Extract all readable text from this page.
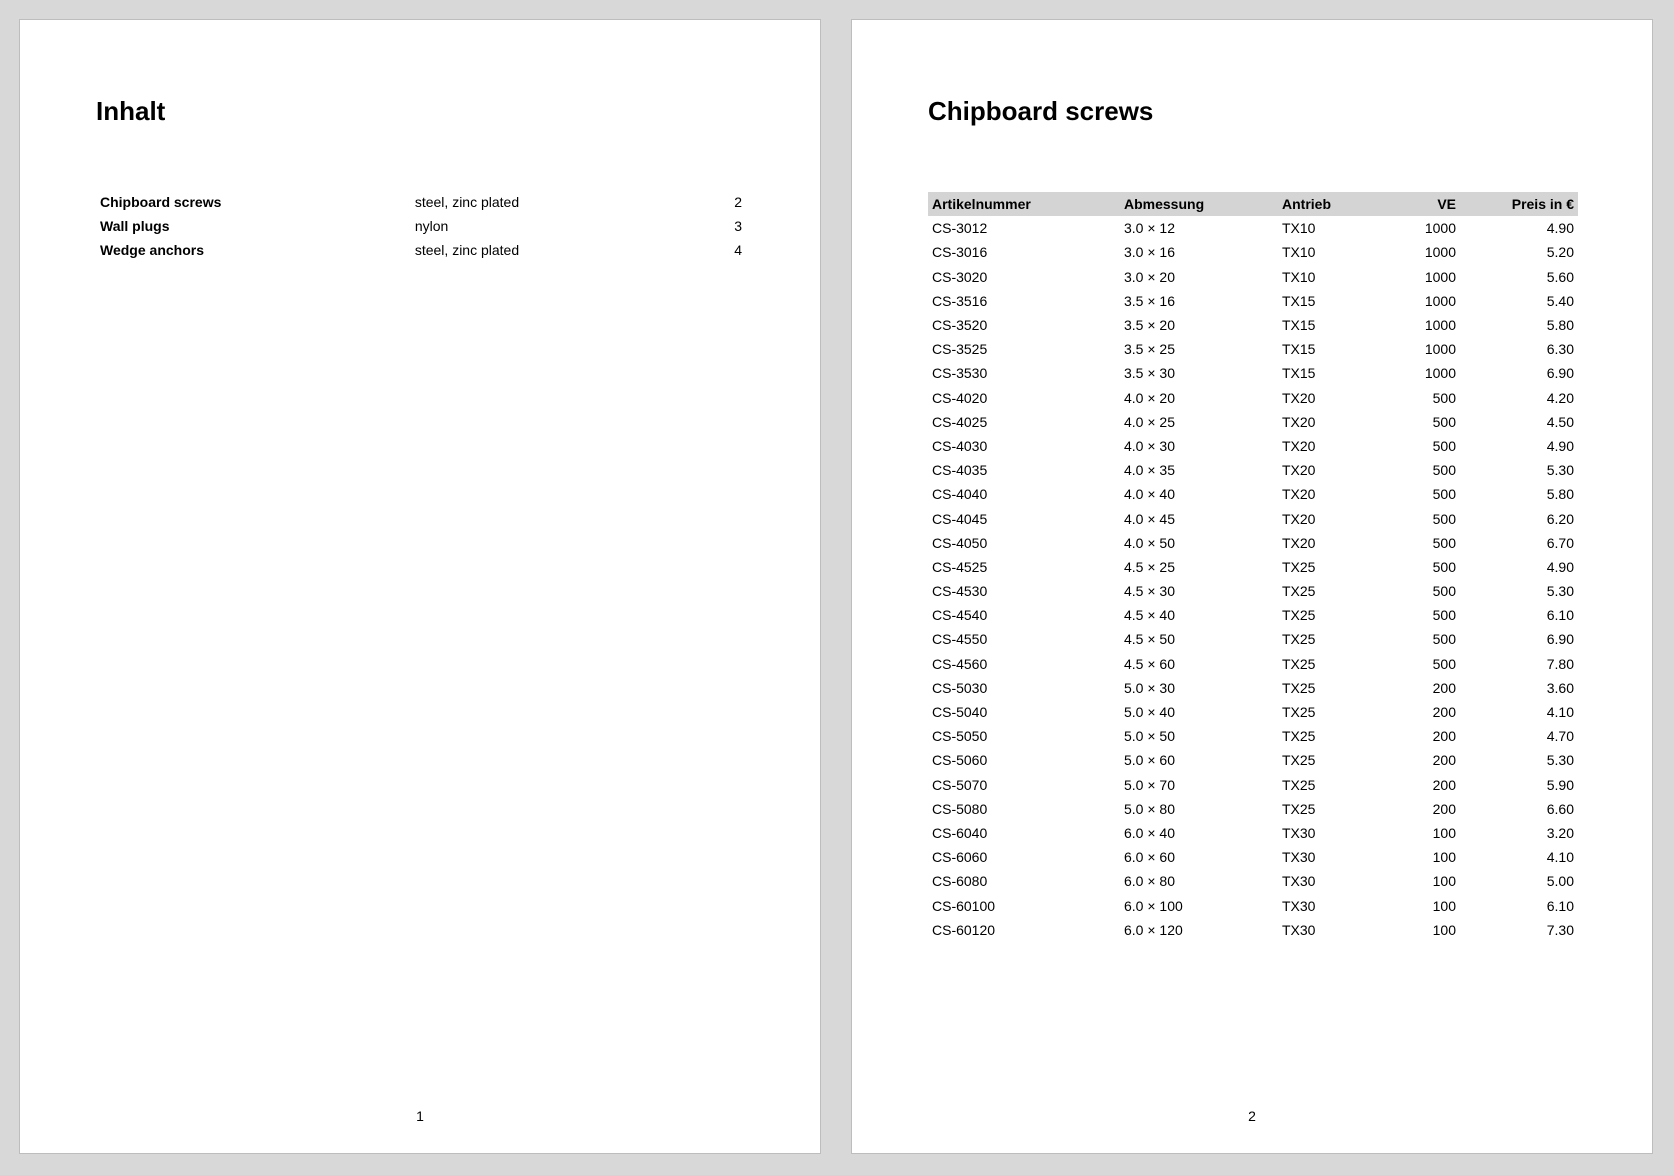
Inhalt
Chipboard screws	steel, zinc plated	2
Wall plugs	nylon	3
Wedge anchors	steel, zinc plated	4
1
Chipboard screws
Artikelnummer	Abmessung	Antrieb	VE	Preis in €
CS-3012	3.0 × 12	TX10	1000	4.90
CS-3016	3.0 × 16	TX10	1000	5.20
CS-3020	3.0 × 20	TX10	1000	5.60
CS-3516	3.5 × 16	TX15	1000	5.40
CS-3520	3.5 × 20	TX15	1000	5.80
CS-3525	3.5 × 25	TX15	1000	6.30
CS-3530	3.5 × 30	TX15	1000	6.90
CS-4020	4.0 × 20	TX20	500	4.20
CS-4025	4.0 × 25	TX20	500	4.50
CS-4030	4.0 × 30	TX20	500	4.90
CS-4035	4.0 × 35	TX20	500	5.30
CS-4040	4.0 × 40	TX20	500	5.80
CS-4045	4.0 × 45	TX20	500	6.20
CS-4050	4.0 × 50	TX20	500	6.70
CS-4525	4.5 × 25	TX25	500	4.90
CS-4530	4.5 × 30	TX25	500	5.30
CS-4540	4.5 × 40	TX25	500	6.10
CS-4550	4.5 × 50	TX25	500	6.90
CS-4560	4.5 × 60	TX25	500	7.80
CS-5030	5.0 × 30	TX25	200	3.60
CS-5040	5.0 × 40	TX25	200	4.10
CS-5050	5.0 × 50	TX25	200	4.70
CS-5060	5.0 × 60	TX25	200	5.30
CS-5070	5.0 × 70	TX25	200	5.90
CS-5080	5.0 × 80	TX25	200	6.60
CS-6040	6.0 × 40	TX30	100	3.20
CS-6060	6.0 × 60	TX30	100	4.10
CS-6080	6.0 × 80	TX30	100	5.00
CS-60100	6.0 × 100	TX30	100	6.10
CS-60120	6.0 × 120	TX30	100	7.30
2
